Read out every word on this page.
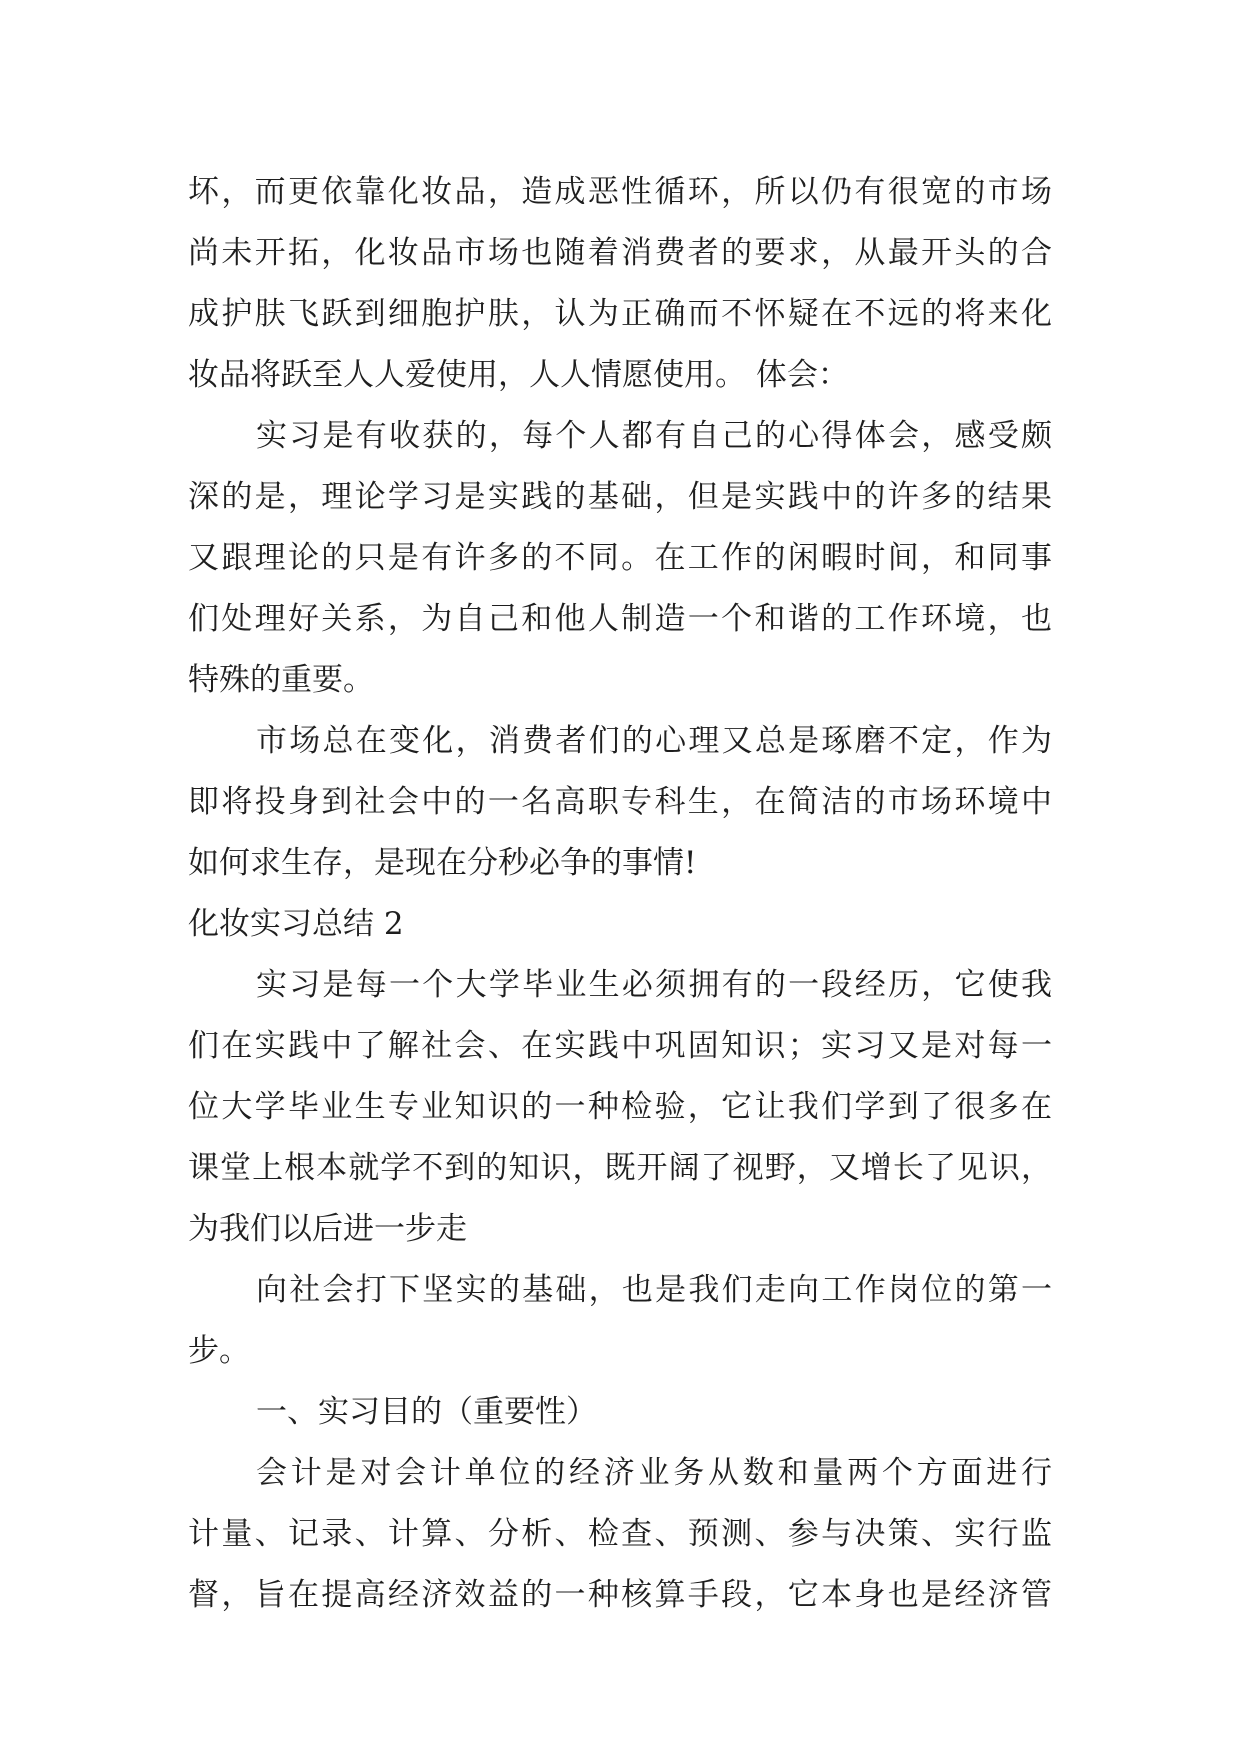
坏，而更依靠化妆品，造成恶性循环，所以仍有很宽的市场
尚未开拓，化妆品市场也随着消费者的要求，从最开头的合
成护肤飞跃到细胞护肤，认为正确而不怀疑在不远的将来化
妆品将跃至人人爱使用，人人情愿使用。 体会：
实习是有收获的，每个人都有自己的心得体会，感受颇
深的是，理论学习是实践的基础，但是实践中的许多的结果
又跟理论的只是有许多的不同。在工作的闲暇时间，和同事
们处理好关系，为自己和他人制造一个和谐的工作环境，也
特殊的重要。
市场总在变化，消费者们的心理又总是琢磨不定，作为
即将投身到社会中的一名高职专科生，在简洁的市场环境中
如何求生存，是现在分秒必争的事情!
化妆实习总结 2
实习是每一个大学毕业生必须拥有的一段经历，它使我
们在实践中了解社会、在实践中巩固知识；实习又是对每一
位大学毕业生专业知识的一种检验，它让我们学到了很多在
课堂上根本就学不到的知识，既开阔了视野，又增长了见识，
为我们以后进一步走
向社会打下坚实的基础，也是我们走向工作岗位的第一
步。
一、实习目的（重要性）
会计是对会计单位的经济业务从数和量两个方面进行
计量、记录、计算、分析、检查、预测、参与决策、实行监
督，旨在提高经济效益的一种核算手段，它本身也是经济管
